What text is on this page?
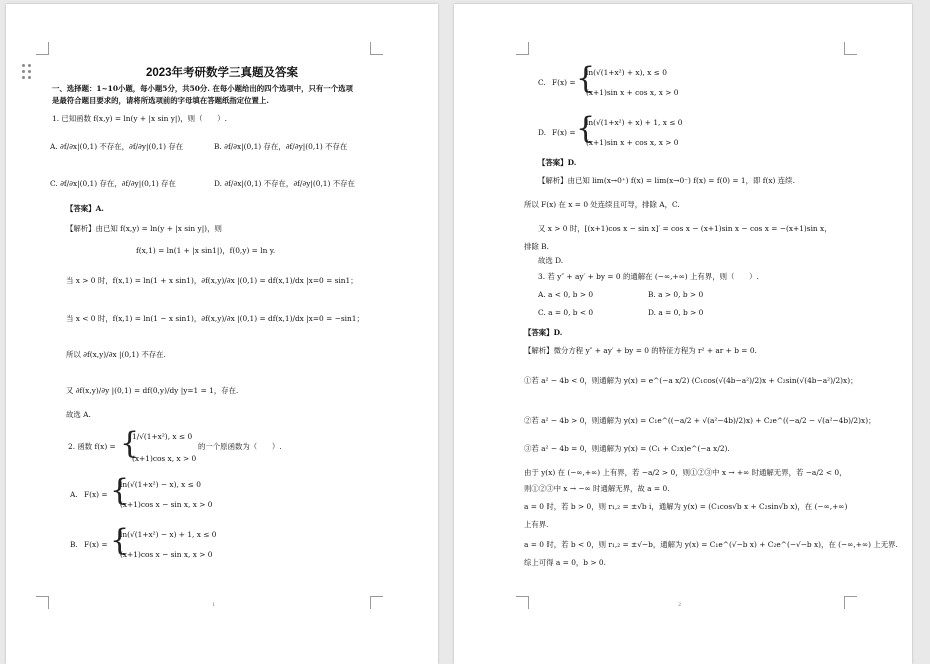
2023年考研数学三真题及答案
一、选择题：1~10小题，每小题5分，共50分. 在每小题给出的四个选项中，只有一个选项
是最符合题目要求的，请将所选项前的字母填在答题纸指定位置上.
1. 已知函数 f(x,y) = ln(y + |x sin y|)，则（　　）.
A. ∂f/∂x|(0,1) 不存在，∂f/∂y|(0,1) 存在	B. ∂f/∂x|(0,1) 存在，∂f/∂y|(0,1) 不存在
C. ∂f/∂x|(0,1) 存在，∂f/∂y|(0,1) 存在	D. ∂f/∂x|(0,1) 不存在，∂f/∂y|(0,1) 不存在
【答案】A.
【解析】由已知 f(x,y) = ln(y + |x sin y|)，则
f(x,1) = ln(1 + |x sin1|)，f(0,y) = ln y.
当 x > 0 时，f(x,1) = ln(1 + x sin1)，∂f(x,y)/∂x |(0,1) = df(x,1)/dx |x=0 = sin1；
当 x < 0 时，f(x,1) = ln(1 − x sin1)，∂f(x,y)/∂x |(0,1) = df(x,1)/dx |x=0 = −sin1；
所以 ∂f(x,y)/∂x |(0,1) 不存在.
又 ∂f(x,y)/∂y |(0,1) = df(0,y)/dy |y=1 = 1，存在.
故选 A.
2. 函数 f(x) = {
1/√(1+x²), x ≤ 0
(x+1)cos x, x > 0
的一个原函数为（　　）.
A. F(x) = {
ln(√(1+x²) − x), x ≤ 0
(x+1)cos x − sin x, x > 0
B. F(x) = {
ln(√(1+x²) − x) + 1, x ≤ 0
(x+1)cos x − sin x, x > 0
1
C. F(x) = {
ln(√(1+x²) + x), x ≤ 0
(x+1)sin x + cos x, x > 0
D. F(x) = {
ln(√(1+x²) + x) + 1, x ≤ 0
(x+1)sin x + cos x, x > 0
【答案】D.
【解析】由已知 lim(x→0⁺) f(x) = lim(x→0⁻) f(x) = f(0) = 1，即 f(x) 连续.
所以 F(x) 在 x = 0 处连续且可导，排除 A，C.
又 x > 0 时，[(x+1)cos x − sin x]′ = cos x − (x+1)sin x − cos x = −(x+1)sin x，
排除 B.
故选 D.
3. 若 y″ + ay′ + by = 0 的通解在 (−∞,+∞) 上有界，则（　　）.
A. a < 0, b > 0	B. a > 0, b > 0
C. a = 0, b < 0	D. a = 0, b > 0
【答案】D.
【解析】微分方程 y″ + ay′ + by = 0 的特征方程为 r² + ar + b = 0.
①若 a² − 4b < 0，则通解为 y(x) = e^(−a x/2) (C₁cos(√(4b−a²)/2)x + C₂sin(√(4b−a²)/2)x)；
②若 a² − 4b > 0，则通解为 y(x) = C₁e^((−a/2 + √(a²−4b)/2)x) + C₂e^((−a/2 − √(a²−4b)/2)x)；
③若 a² − 4b = 0，则通解为 y(x) = (C₁ + C₂x)e^(−a x/2).
由于 y(x) 在 (−∞,+∞) 上有界，若 −a/2 > 0，则①②③中 x → +∞ 时通解无界，若 −a/2 < 0，
则①②③中 x → −∞ 时通解无界，故 a = 0.
a = 0 时，若 b > 0，则 r₁,₂ = ±√b i，通解为 y(x) = (C₁cos√b x + C₂sin√b x)，在 (−∞,+∞)
上有界.
a = 0 时，若 b < 0，则 r₁,₂ = ±√−b，通解为 y(x) = C₁e^(√−b x) + C₂e^(−√−b x)，在 (−∞,+∞) 上无界.
综上可得 a = 0，b > 0.
2
